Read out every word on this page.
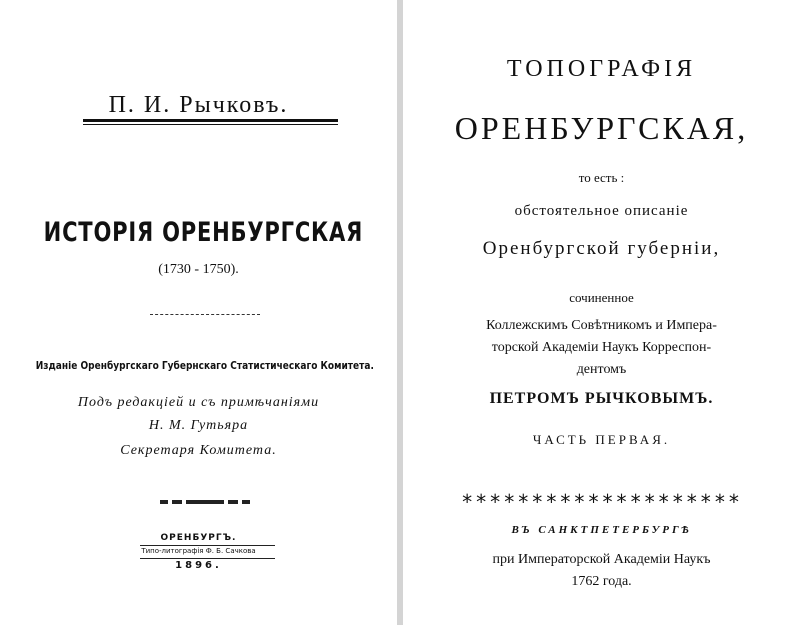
П. И. Рычковъ.
ИСТОРІЯ ОРЕНБУРГСКАЯ
(1730 - 1750).
Изданіе Оренбургскаго Губернскаго Статистическаго Комитета.
Подъ редакціей и съ примѣчаніями
Н. М. Гутьяра
Секретаря Комитета.
ОРЕНБУРГЪ.
Типо-литографія Ф. Б. Сачкова
1896.
ТОПОГРАФІЯ
ОРЕНБУРГСКАЯ,
то есть :
обстоятельное описаніе
Оренбургской губерніи,
сочиненное
Коллежскимъ Совѣтникомъ и Импера-
торской Академіи Наукъ Корреспон-
дентомъ
ПЕТРОМЪ РЫЧКОВЫМЪ.
ЧАСТЬ ПЕРВАЯ.
********************
ВЪ САНКТПЕТЕРБУРГѢ
при Императорской Академіи Наукъ
1762 года.
